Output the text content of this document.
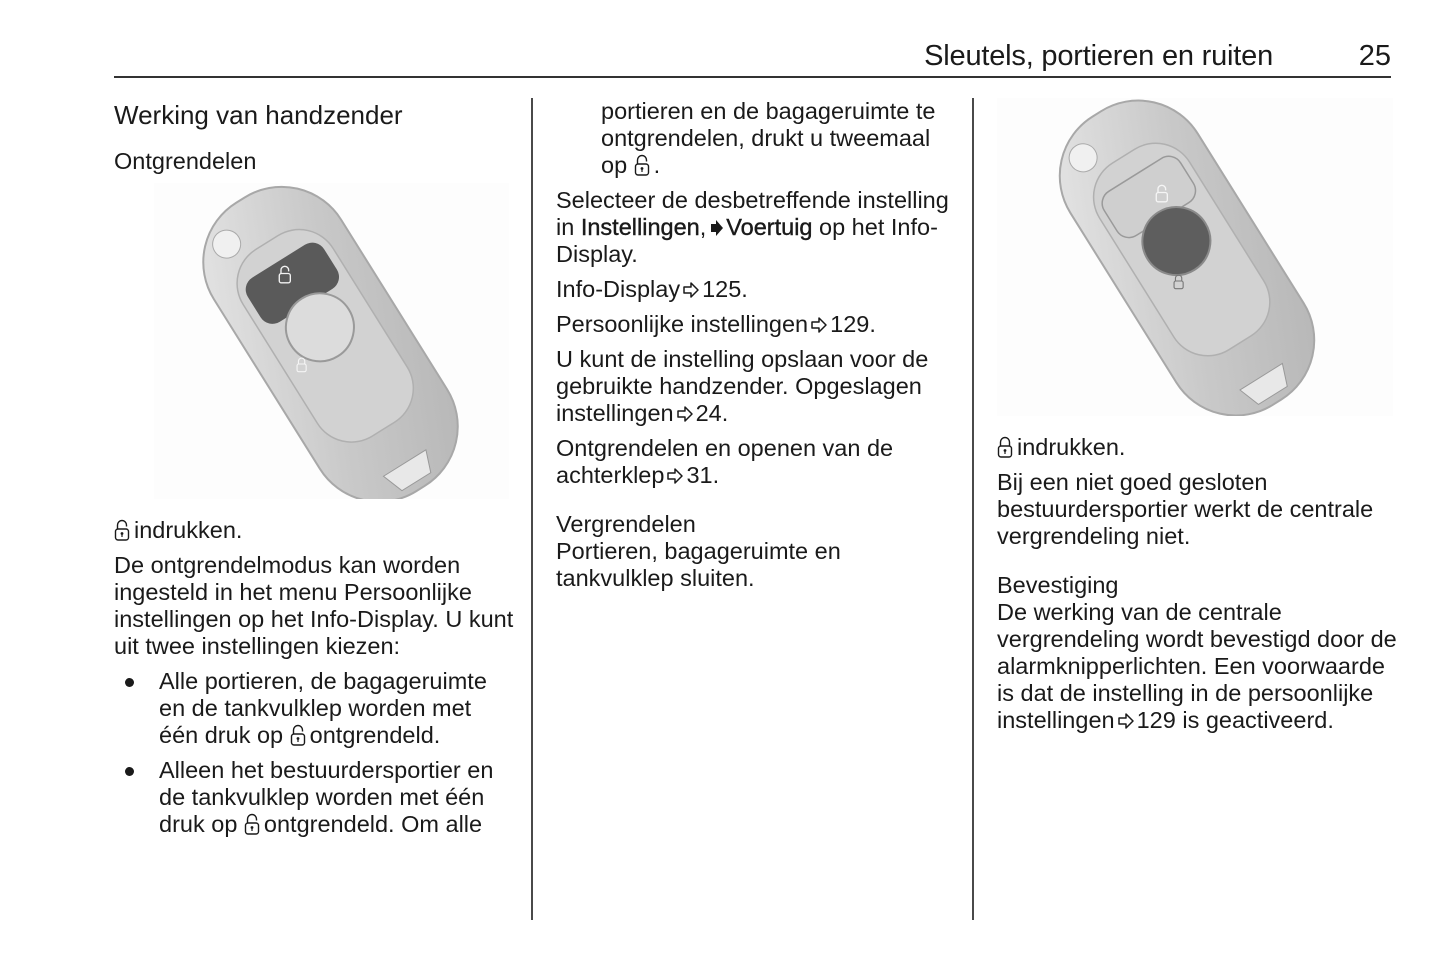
Sleutels, portieren en ruiten	25
Werking van handzender
Ontgrendelen

indrukken.

De ontgrendelmodus kan worden ingesteld in het menu Persoonlijke instellingen op het Info-Display. U kunt uit twee instellingen kiezen:

Alle portieren, de bagageruimte en de tankvulklep worden met één druk op ontgrendeld.
Alleen het bestuurdersportier en de tankvulklep worden met één druk op ontgrendeld. Om alle

portieren en de bagageruimte te ontgrendelen, drukt u tweemaal op .

Selecteer de desbetreffende instelling in Instellingen, Voertuig op het Info-Display.

Info-Display 125.

Persoonlijke instellingen 129.

U kunt de instelling opslaan voor de gebruikte handzender. Opgeslagen instellingen 24.

Ontgrendelen en openen van de achterklep 31.

Vergrendelen

Portieren, bagageruimte en tankvulklep sluiten.

indrukken.

Bij een niet goed gesloten bestuurdersportier werkt de centrale vergrendeling niet.

Bevestiging

De werking van de centrale vergrendeling wordt bevestigd door de alarmknipperlichten. Een voorwaarde is dat de instelling in de persoonlijke instellingen 129 is geactiveerd.
